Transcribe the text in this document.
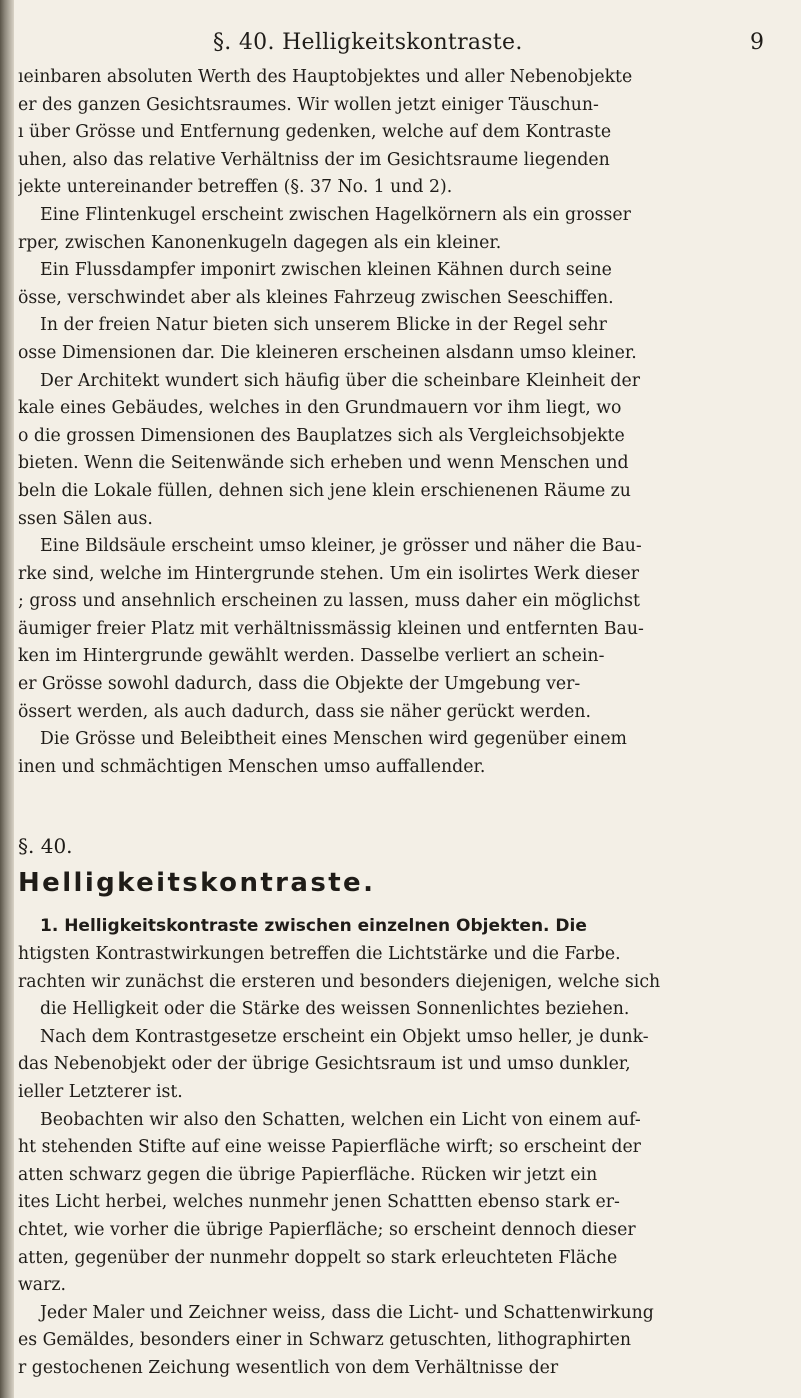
§. 40. Helligkeitskontraste.	9
ıeinbaren absoluten Werth des Hauptobjektes und aller Nebenobjekte
er des ganzen Gesichtsraumes. Wir wollen jetzt einiger Täuschun-
ı über Grösse und Entfernung gedenken, welche auf dem Kontraste
uhen, also das relative Verhältniss der im Gesichtsraume liegenden
jekte untereinander betreffen (§. 37 No. 1 und 2).
Eine Flintenkugel erscheint zwischen Hagelkörnern als ein grosser
rper, zwischen Kanonenkugeln dagegen als ein kleiner.
Ein Flussdampfer imponirt zwischen kleinen Kähnen durch seine
össe, verschwindet aber als kleines Fahrzeug zwischen Seeschiffen.
In der freien Natur bieten sich unserem Blicke in der Regel sehr
osse Dimensionen dar. Die kleineren erscheinen alsdann umso kleiner.
Der Architekt wundert sich häufig über die scheinbare Kleinheit der
kale eines Gebäudes, welches in den Grundmauern vor ihm liegt, wo
o die grossen Dimensionen des Bauplatzes sich als Vergleichsobjekte
bieten. Wenn die Seitenwände sich erheben und wenn Menschen und
beln die Lokale füllen, dehnen sich jene klein erschienenen Räume zu
ssen Sälen aus.
Eine Bildsäule erscheint umso kleiner, je grösser und näher die Bau-
rke sind, welche im Hintergrunde stehen. Um ein isolirtes Werk dieser
; gross und ansehnlich erscheinen zu lassen, muss daher ein möglichst
äumiger freier Platz mit verhältnissmässig kleinen und entfernten Bau-
ken im Hintergrunde gewählt werden. Dasselbe verliert an schein-
er Grösse sowohl dadurch, dass die Objekte der Umgebung ver-
össert werden, als auch dadurch, dass sie näher gerückt werden.
Die Grösse und Beleibtheit eines Menschen wird gegenüber einem
inen und schmächtigen Menschen umso auffallender.
§. 40.
Helligkeitskontraste.
1. Helligkeitskontraste zwischen einzelnen Objekten. Die
htigsten Kontrastwirkungen betreffen die Lichtstärke und die Farbe.
rachten wir zunächst die ersteren und besonders diejenigen, welche sich
die Helligkeit oder die Stärke des weissen Sonnenlichtes beziehen.
Nach dem Kontrastgesetze erscheint ein Objekt umso heller, je dunk-
das Nebenobjekt oder der übrige Gesichtsraum ist und umso dunkler,
ieller Letzterer ist.
Beobachten wir also den Schatten, welchen ein Licht von einem auf-
ht stehenden Stifte auf eine weisse Papierfläche wirft; so erscheint der
atten schwarz gegen die übrige Papierfläche. Rücken wir jetzt ein
ites Licht herbei, welches nunmehr jenen Schattten ebenso stark er-
chtet, wie vorher die übrige Papierfläche; so erscheint dennoch dieser
atten, gegenüber der nunmehr doppelt so stark erleuchteten Fläche
warz.
Jeder Maler und Zeichner weiss, dass die Licht- und Schattenwirkung
es Gemäldes, besonders einer in Schwarz getuschten, lithographirten
r gestochenen Zeichung wesentlich von dem Verhältnisse der
